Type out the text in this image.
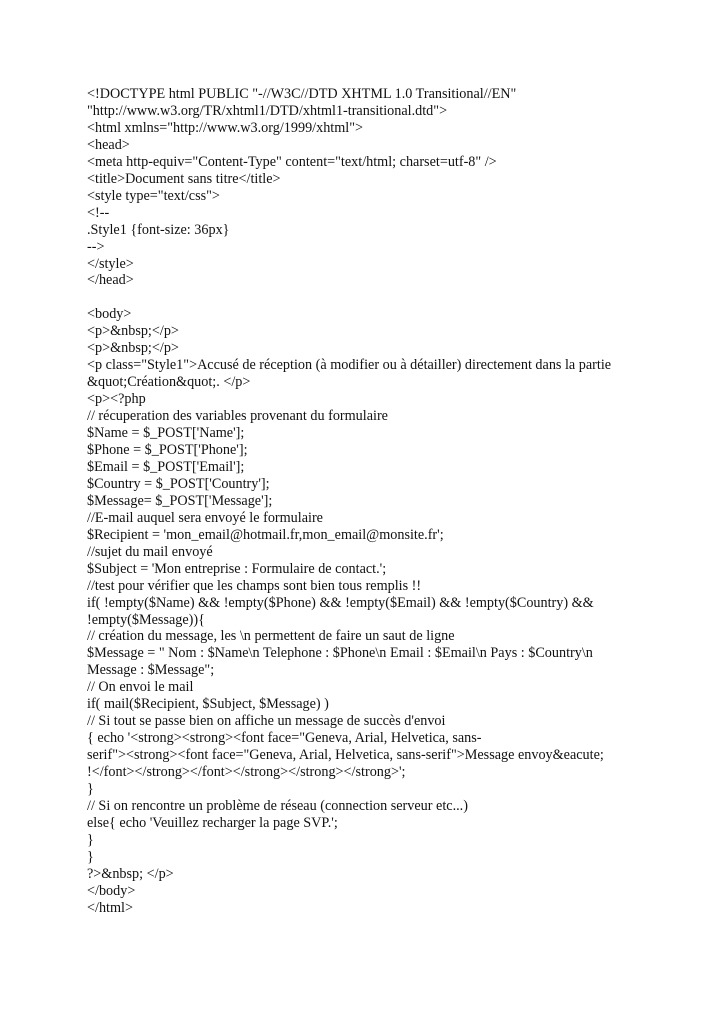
<!DOCTYPE html PUBLIC "-//W3C//DTD XHTML 1.0 Transitional//EN"
"http://www.w3.org/TR/xhtml1/DTD/xhtml1-transitional.dtd">
<html xmlns="http://www.w3.org/1999/xhtml">
<head>
<meta http-equiv="Content-Type" content="text/html; charset=utf-8" />
<title>Document sans titre</title>
<style type="text/css">
<!--
.Style1 {font-size: 36px}
-->
</style>
</head>
<body>
<p>&nbsp;</p>
<p>&nbsp;</p>
<p class="Style1">Accusé de réception (à modifier ou à détailler) directement dans la partie
&quot;Création&quot;. </p>
<p><?php
// récuperation des variables provenant du formulaire
$Name = $_POST['Name'];
$Phone = $_POST['Phone'];
$Email = $_POST['Email'];
$Country = $_POST['Country'];
$Message= $_POST['Message'];
//E-mail auquel sera envoyé le formulaire
$Recipient = 'mon_email@hotmail.fr,mon_email@monsite.fr';
//sujet du mail envoyé
$Subject = 'Mon entreprise : Formulaire de contact.';
//test pour vérifier que les champs sont bien tous remplis !!
if( !empty($Name) && !empty($Phone) && !empty($Email) && !empty($Country) &&
!empty($Message)){
// création du message, les \n permettent de faire un saut de ligne
$Message = " Nom : $Name\n Telephone : $Phone\n Email : $Email\n Pays : $Country\n
Message : $Message";
// On envoi le mail
if( mail($Recipient, $Subject, $Message) )
// Si tout se passe bien on affiche un message de succès d'envoi
{ echo '<strong><strong><font face="Geneva, Arial, Helvetica, sans-
serif"><strong><font face="Geneva, Arial, Helvetica, sans-serif">Message envoy&eacute;
!</font></strong></font></strong></strong></strong>';
}
// Si on rencontre un problème de réseau (connection serveur etc...)
else{ echo 'Veuillez recharger la page SVP.';
}
}
?>&nbsp; </p>
</body>
</html>
